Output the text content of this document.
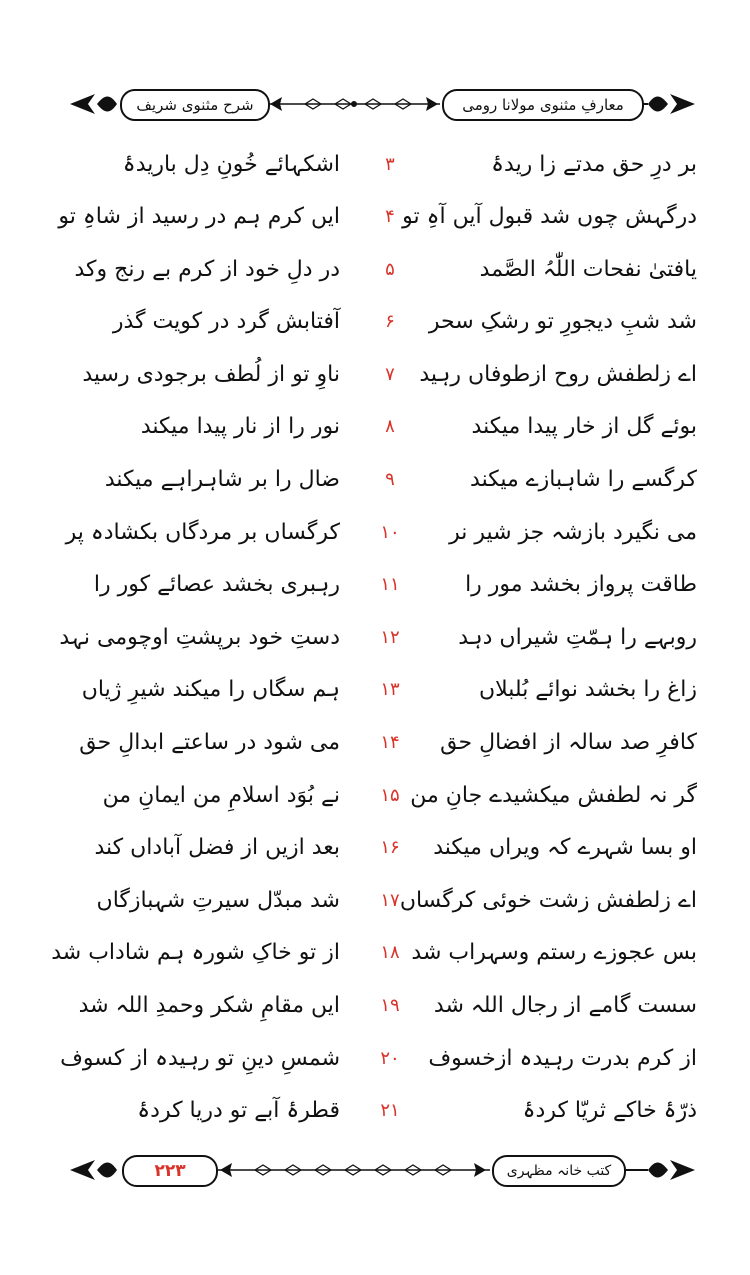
معارفِ مثنوی مولانا رومی
شرح مثنوی شریف
بر درِ حق مدتے زا ریدۂ
۳
اشکہائے خُونِ دِل باریدۂ
درگہش چوں شد قبول آیں آہِ تو
۴
ایں کرم ہم در رسید از شاہِ تو
یافتیٰ نفحات اللّٰہُ الصَّمد
۵
در دلِ خود از کرم بے رنج وکد
شد شبِ دیجورِ تو رشکِ سحر
۶
آفتابش گرد در کویت گذر
اے زلطفش روح ازطوفاں رہید
۷
ناوِ تو از لُطف برجودی رسید
بوئے گل از خار پیدا میکند
۸
نور را از نار پیدا میکند
کرگسے را شاہبازے میکند
۹
ضال را بر شاہراہے میکند
می نگیرد بازشہ جز شیر نر
۱۰
کرگساں بر مردگاں بکشادہ پر
طاقت پرواز بخشد مور را
۱۱
رہبری بخشد عصائے کور را
روبہے را ہمّتِ شیراں دہد
۱۲
دستِ خود برپشتِ اوچومی نہد
زاغ را بخشد نوائے بُلبلاں
۱۳
ہم سگاں را میکند شیرِ ژیاں
کافرِ صد سالہ از افضالِ حق
۱۴
می شود در ساعتے ابدالِ حق
گر نہ لطفش میکشیدے جانِ من
۱۵
نے بُوَد اسلامِ من ایمانِ من
او بسا شہرے کہ ویراں میکند
۱۶
بعد ازیں از فضل آباداں کند
اے زلطفش زشت خوئی کرگساں
۱۷
شد مبدّل سیرتِ شہبازگاں
بس عجوزے رستم وسہراب شد
۱۸
از تو خاکِ شورہ ہم شاداب شد
سست گامے از رجال اللہ شد
۱۹
ایں مقامِ شکر وحمدِ اللہ شد
از کرم بدرت رہیدہ ازخسوف
۲۰
شمسِ دینِ تو رہیدہ از کسوف
ذرّۂ خاکے ثریّا کردۂ
۲۱
قطرۂ آبے تو دریا کردۂ
کتب خانہ مظہری
۲۲۳
